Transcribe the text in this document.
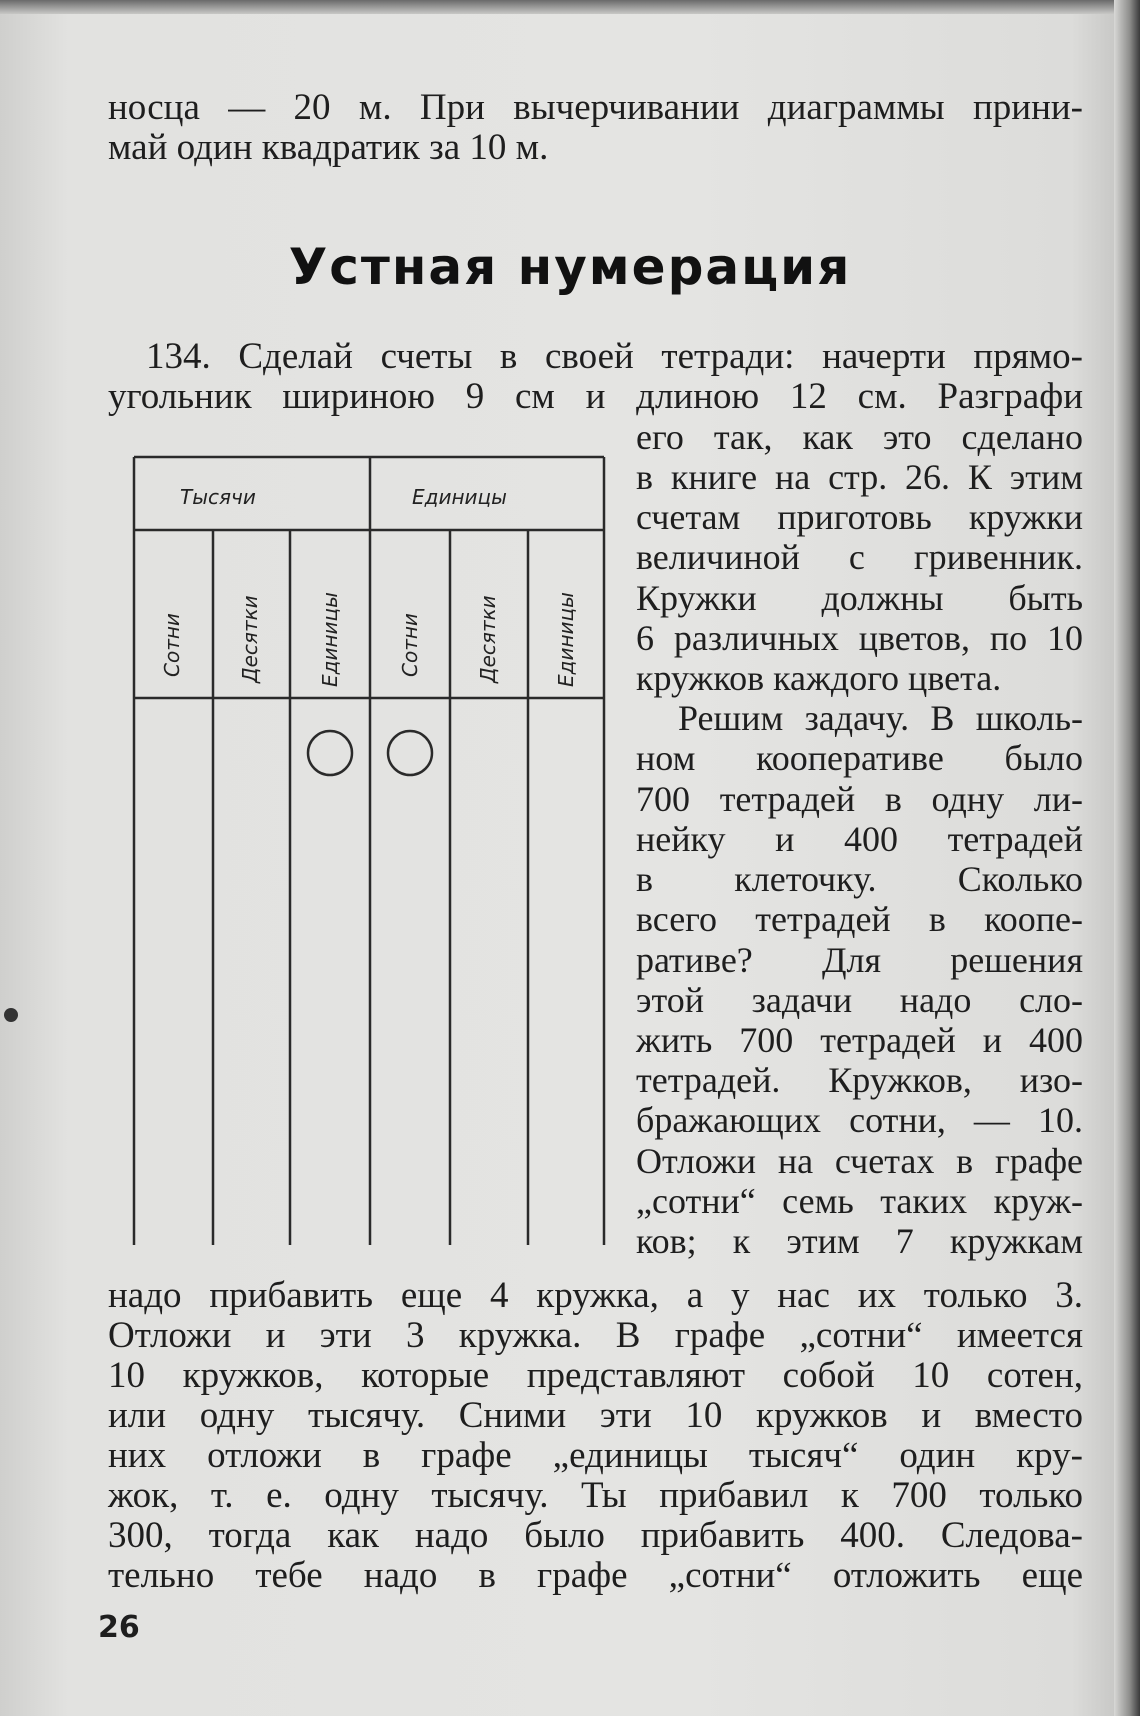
носца — 20 м. При вычерчивании диаграммы прини-
май один квадратик за 10 м.
Устная нумерация
134. Сделай счеты в своей тетради: начерти прямо-
угольник шириною 9 см и длиною 12 см. Разграфи
его так, как это сделано
в книге на стр. 26. К этим
счетам приготовь кружки
величиной с гривенник.
Кружки должны быть
6 различных цветов, по 10
кружков каждого цвета.
Решим задачу. В школь-
ном кооперативе было
700 тетрадей в одну ли-
нейку и 400 тетрадей
в клеточку. Сколько
всего тетрадей в коопе-
ративе? Для решения
этой задачи надо сло-
жить 700 тетрадей и 400
тетрадей. Кружков, изо-
бражающих сотни, — 10.
Отложи на счетах в графе
„сотни“ семь таких круж-
ков; к этим 7 кружкам
надо прибавить еще 4 кружка, а у нас их только 3.
Отложи и эти 3 кружка. В графе „сотни“ имеется
10 кружков, которые представляют собой 10 сотен,
или одну тысячу. Сними эти 10 кружков и вместо
них отложи в графе „единицы тысяч“ один кру-
жок, т. е. одну тысячу. Ты прибавил к 700 только
300, тогда как надо было прибавить 400. Следова-
тельно тебе надо в графе „сотни“ отложить еще
Тысячи	Единицы
Сотни	Десятки	Единицы	Сотни	Десятки	Единицы
26
